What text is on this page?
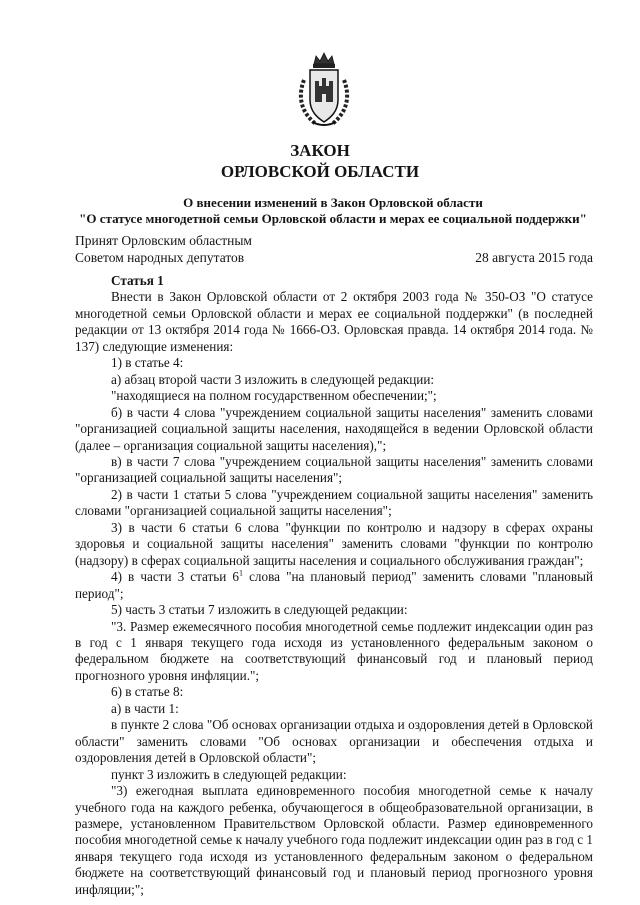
ЗАКОН
ОРЛОВСКОЙ ОБЛАСТИ
О внесении изменений в Закон Орловской области
"О статусе многодетной семьи Орловской области и мерах ее социальной поддержки"
Принят Орловским областным
Советом народных депутатов	28 августа 2015 года

Статья 1

Внести в Закон Орловской области от 2 октября 2003 года № 350-ОЗ "О статусе многодетной семьи Орловской области и мерах ее социальной поддержки" (в последней редакции от 13 октября 2014 года № 1666-ОЗ. Орловская правда. 14 октября 2014 года. № 137) следующие изменения:

1) в статье 4:

а) абзац второй части 3 изложить в следующей редакции:

"находящиеся на полном государственном обеспечении;";

б) в части 4 слова "учреждением социальной защиты населения" заменить словами "организацией социальной защиты населения, находящейся в ведении Орловской области (далее – организация социальной защиты населения),";

в) в части 7 слова "учреждением социальной защиты населения" заменить словами "организацией социальной защиты населения";

2) в части 1 статьи 5 слова "учреждением социальной защиты населения" заменить словами "организацией социальной защиты населения";

3) в части 6 статьи 6 слова "функции по контролю и надзору в сферах охраны здоровья и социальной защиты населения" заменить словами "функции по контролю (надзору) в сферах социальной защиты населения и социального обслуживания граждан";

4) в части 3 статьи $6^1$ слова "на плановый период" заменить словами "плановый период";

5) часть 3 статьи 7 изложить в следующей редакции:

"3. Размер ежемесячного пособия многодетной семье подлежит индексации один раз в год с 1 января текущего года исходя из установленного федеральным законом о федеральном бюджете на соответствующий финансовый год и плановый период прогнозного уровня инфляции.";

6) в статье 8:

а) в части 1:

в пункте 2 слова "Об основах организации отдыха и оздоровления детей в Орловской области" заменить словами "Об основах организации и обеспечения отдыха и оздоровления детей в Орловской области";

пункт 3 изложить в следующей редакции:

"3) ежегодная выплата единовременного пособия многодетной семье к началу учебного года на каждого ребенка, обучающегося в общеобразовательной организации, в размере, установленном Правительством Орловской области. Размер единовременного пособия многодетной семье к началу учебного года подлежит индексации один раз в год с 1 января текущего года исходя из установленного федеральным законом о федеральном бюджете на соответствующий финансовый год и плановый период прогнозного уровня инфляции;";
